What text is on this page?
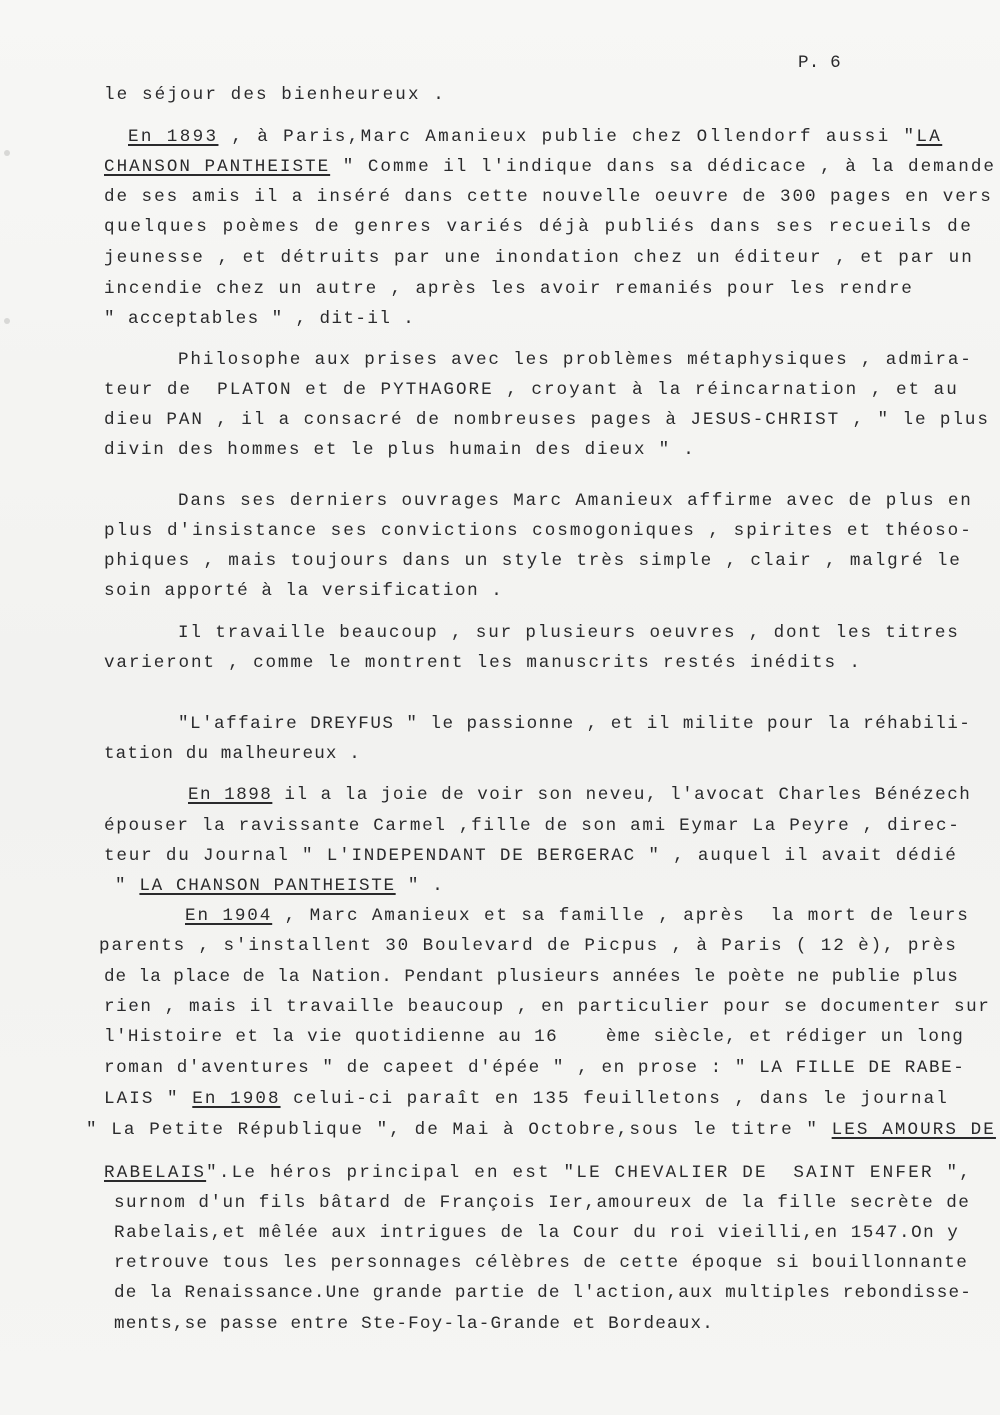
P. 6
le séjour des bienheureux .
En 1893 , à Paris,Marc Amanieux publie chez Ollendorf aussi "LA
CHANSON PANTHEISTE " Comme il l'indique dans sa dédicace , à la demande
de ses amis il a inséré dans cette nouvelle oeuvre de 300 pages en vers
quelques poèmes de genres variés déjà publiés dans ses recueils de
jeunesse , et détruits par une inondation chez un éditeur , et par un
incendie chez un autre , après les avoir remaniés pour les rendre
" acceptables " , dit-il .
Philosophe aux prises avec les problèmes métaphysiques , admira-
teur de  PLATON et de PYTHAGORE , croyant à la réincarnation , et au
dieu PAN , il a consacré de nombreuses pages à JESUS-CHRIST , " le plus
divin des hommes et le plus humain des dieux " .
Dans ses derniers ouvrages Marc Amanieux affirme avec de plus en
plus d'insistance ses convictions cosmogoniques , spirites et théoso-
phiques , mais toujours dans un style très simple , clair , malgré le
soin apporté à la versification .
Il travaille beaucoup , sur plusieurs oeuvres , dont les titres
varieront , comme le montrent les manuscrits restés inédits .
"L'affaire DREYFUS " le passionne , et il milite pour la réhabili-
tation du malheureux .
En 1898 il a la joie de voir son neveu, l'avocat Charles Bénézech
épouser la ravissante Carmel ,fille de son ami Eymar La Peyre , direc-
teur du Journal " L'INDEPENDANT DE BERGERAC " , auquel il avait dédié
" LA CHANSON PANTHEISTE " .
En 1904 , Marc Amanieux et sa famille , après  la mort de leurs
parents , s'installent 30 Boulevard de Picpus , à Paris ( 12 è), près
de la place de la Nation. Pendant plusieurs années le poète ne publie plus
rien , mais il travaille beaucoup , en particulier pour se documenter sur
l'Histoire et la vie quotidienne au 16    ème siècle, et rédiger un long
roman d'aventures " de capeet d'épée " , en prose : " LA FILLE DE RABE-
LAIS " En 1908 celui-ci paraît en 135 feuilletons , dans le journal
" La Petite République ", de Mai à Octobre,sous le titre " LES AMOURS DE
RABELAIS".Le héros principal en est "LE CHEVALIER DE  SAINT ENFER ",
surnom d'un fils bâtard de François Ier,amoureux de la fille secrète de
Rabelais,et mêlée aux intrigues de la Cour du roi vieilli,en 1547.On y
retrouve tous les personnages célèbres de cette époque si bouillonnante
de la Renaissance.Une grande partie de l'action,aux multiples rebondisse-
ments,se passe entre Ste-Foy-la-Grande et Bordeaux.
